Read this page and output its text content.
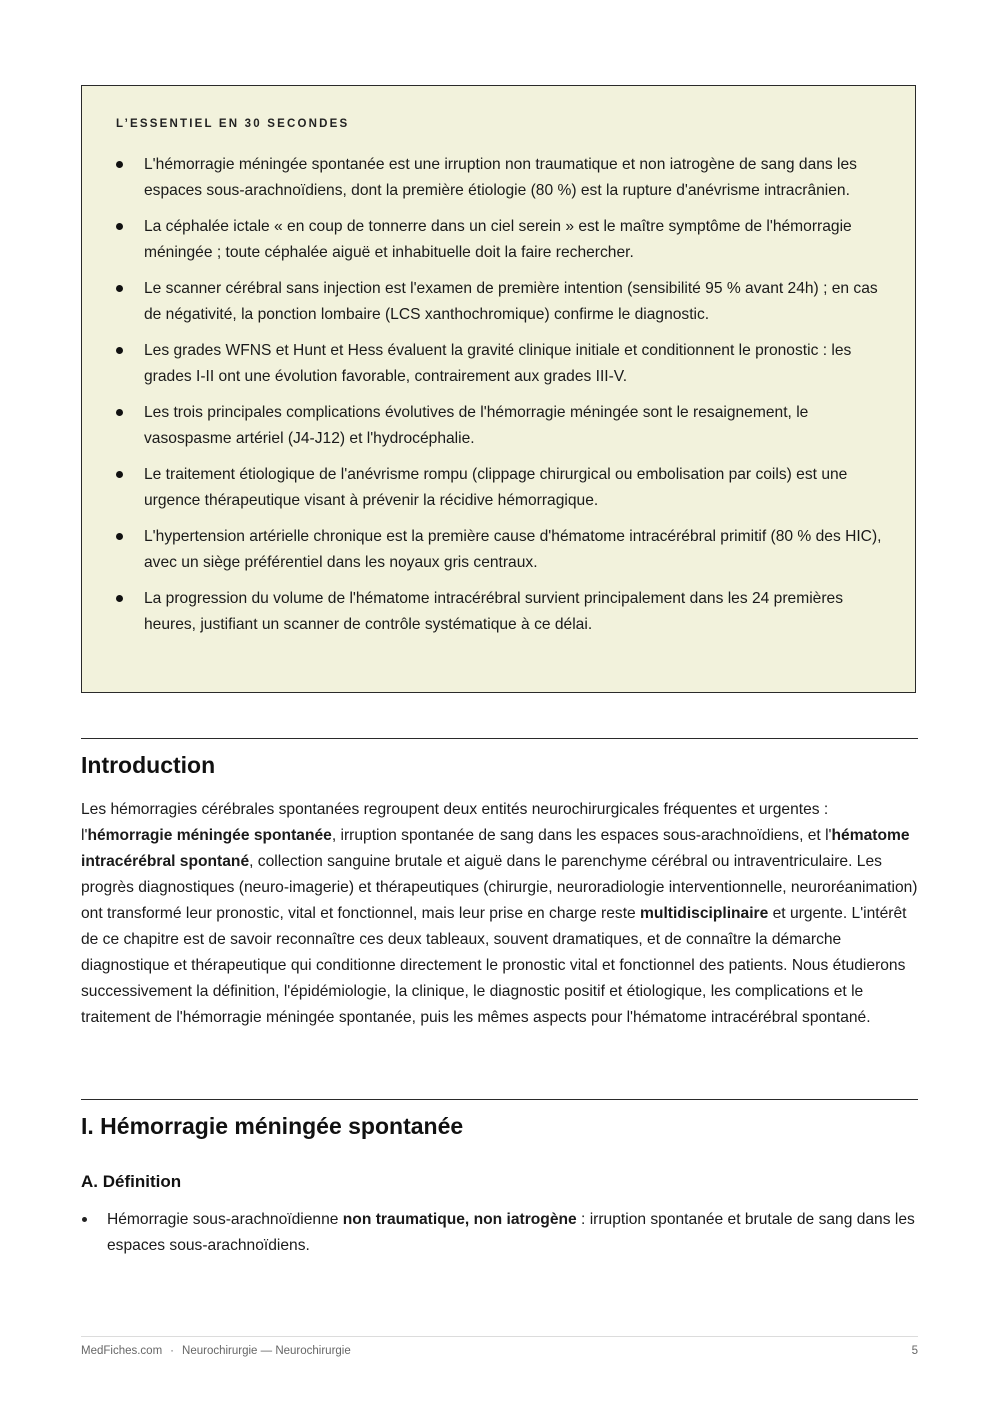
L’ESSENTIEL EN 30 SECONDES
L'hémorragie méningée spontanée est une irruption non traumatique et non iatrogène de sang dans les espaces sous-arachnoïdiens, dont la première étiologie (80 %) est la rupture d'anévrisme intracrânien.
La céphalée ictale « en coup de tonnerre dans un ciel serein » est le maître symptôme de l'hémorragie méningée ; toute céphalée aiguë et inhabituelle doit la faire rechercher.
Le scanner cérébral sans injection est l'examen de première intention (sensibilité 95 % avant 24h) ; en cas de négativité, la ponction lombaire (LCS xanthochromique) confirme le diagnostic.
Les grades WFNS et Hunt et Hess évaluent la gravité clinique initiale et conditionnent le pronostic : les grades I-II ont une évolution favorable, contrairement aux grades III-V.
Les trois principales complications évolutives de l'hémorragie méningée sont le resaignement, le vasospasme artériel (J4-J12) et l'hydrocéphalie.
Le traitement étiologique de l'anévrisme rompu (clippage chirurgical ou embolisation par coils) est une urgence thérapeutique visant à prévenir la récidive hémorragique.
L'hypertension artérielle chronique est la première cause d'hématome intracérébral primitif (80 % des HIC), avec un siège préférentiel dans les noyaux gris centraux.
La progression du volume de l'hématome intracérébral survient principalement dans les 24 premières heures, justifiant un scanner de contrôle systématique à ce délai.
Introduction

Les hémorragies cérébrales spontanées regroupent deux entités neurochirurgicales fréquentes et urgentes : l'hémorragie méningée spontanée, irruption spontanée de sang dans les espaces sous-arachnoïdiens, et l'hématome intracérébral spontané, collection sanguine brutale et aiguë dans le parenchyme cérébral ou intraventriculaire. Les progrès diagnostiques (neuro-imagerie) et thérapeutiques (chirurgie, neuroradiologie interventionnelle, neuroréanimation) ont transformé leur pronostic, vital et fonctionnel, mais leur prise en charge reste multidisciplinaire et urgente. L'intérêt de ce chapitre est de savoir reconnaître ces deux tableaux, souvent dramatiques, et de connaître la démarche diagnostique et thérapeutique qui conditionne directement le pronostic vital et fonctionnel des patients. Nous étudierons successivement la définition, l'épidémiologie, la clinique, le diagnostic positif et étiologique, les complications et le traitement de l'hémorragie méningée spontanée, puis les mêmes aspects pour l'hématome intracérébral spontané.

I. Hémorragie méningée spontanée
A. Définition
Hémorragie sous-arachnoïdienne non traumatique, non iatrogène : irruption spontanée et brutale de sang dans les espaces sous-arachnoïdiens.
MedFiches.com · Neurochirurgie — Neurochirurgie	5
